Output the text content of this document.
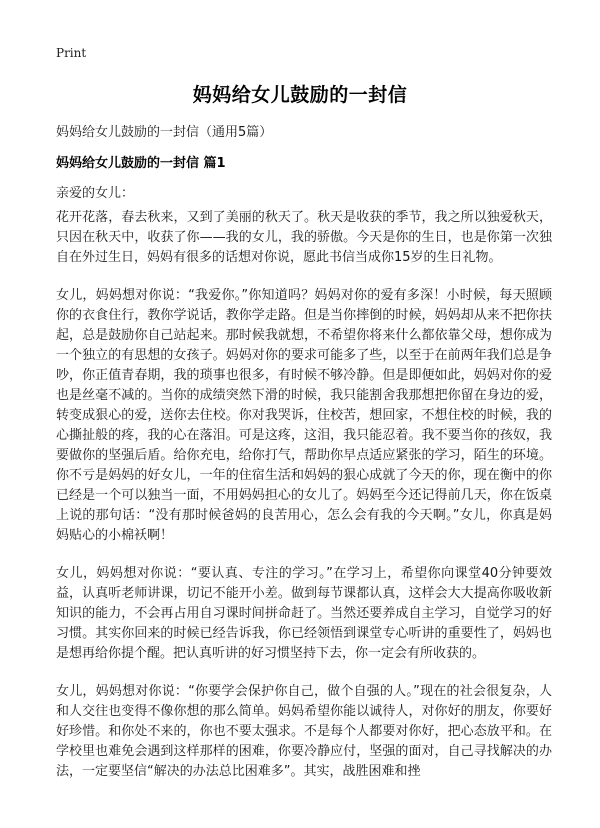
Print
妈妈给女儿鼓励的一封信
妈妈给女儿鼓励的一封信（通用5篇）
妈妈给女儿鼓励的一封信 篇1
亲爱的女儿：

花开花落，春去秋来，又到了美丽的秋天了。秋天是收获的季节，我之所以独爱秋天，只因在秋天中，收获了你——我的女儿，我的骄傲。今天是你的生日，也是你第一次独自在外过生日，妈妈有很多的话想对你说，愿此书信当成你15岁的生日礼物。

女儿，妈妈想对你说：“我爱你。”你知道吗？妈妈对你的爱有多深！小时候，每天照顾你的衣食住行，教你学说话，教你学走路。但是当你摔倒的时候，妈妈却从来不把你扶起，总是鼓励你自己站起来。那时候我就想，不希望你将来什么都依靠父母，想你成为一个独立的有思想的女孩子。妈妈对你的要求可能多了些，以至于在前两年我们总是争吵，你正值青春期，我的琐事也很多，有时候不够冷静。但是即便如此，妈妈对你的爱也是丝毫不减的。当你的成绩突然下滑的时候，我只能割舍我那想把你留在身边的爱，转变成狠心的爱，送你去住校。你对我哭诉，住校苦，想回家，不想住校的时候，我的心撕扯般的疼，我的心在落泪。可是这疼，这泪，我只能忍着。我不要当你的孩奴，我要做你的坚强后盾。给你充电，给你打气，帮助你早点适应紧张的学习，陌生的环境。你不亏是妈妈的好女儿，一年的住宿生活和妈妈的狠心成就了今天的你，现在衡中的你已经是一个可以独当一面，不用妈妈担心的女儿了。妈妈至今还记得前几天，你在饭桌上说的那句话：“没有那时候爸妈的良苦用心，怎么会有我的今天啊。”女儿，你真是妈妈贴心的小棉袄啊！

女儿，妈妈想对你说：“要认真、专注的学习。”在学习上，希望你向课堂40分钟要效益，认真听老师讲课，切记不能开小差。做到每节课都认真，这样会大大提高你吸收新知识的能力，不会再占用自习课时间拼命赶了。当然还要养成自主学习，自觉学习的好习惯。其实你回来的时候已经告诉我，你已经领悟到课堂专心听讲的重要性了，妈妈也是想再给你提个醒。把认真听讲的好习惯坚持下去，你一定会有所收获的。

女儿，妈妈想对你说：“你要学会保护你自己，做个自强的人。”现在的社会很复杂，人和人交往也变得不像你想的那么简单。妈妈希望你能以诚待人，对你好的朋友，你要好好珍惜。和你处不来的，你也不要太强求。不是每个人都要对你好，把心态放平和。在学校里也难免会遇到这样那样的困难，你要冷静应付，坚强的面对，自己寻找解决的办法，一定要坚信“解决的办法总比困难多”。其实，战胜困难和挫
